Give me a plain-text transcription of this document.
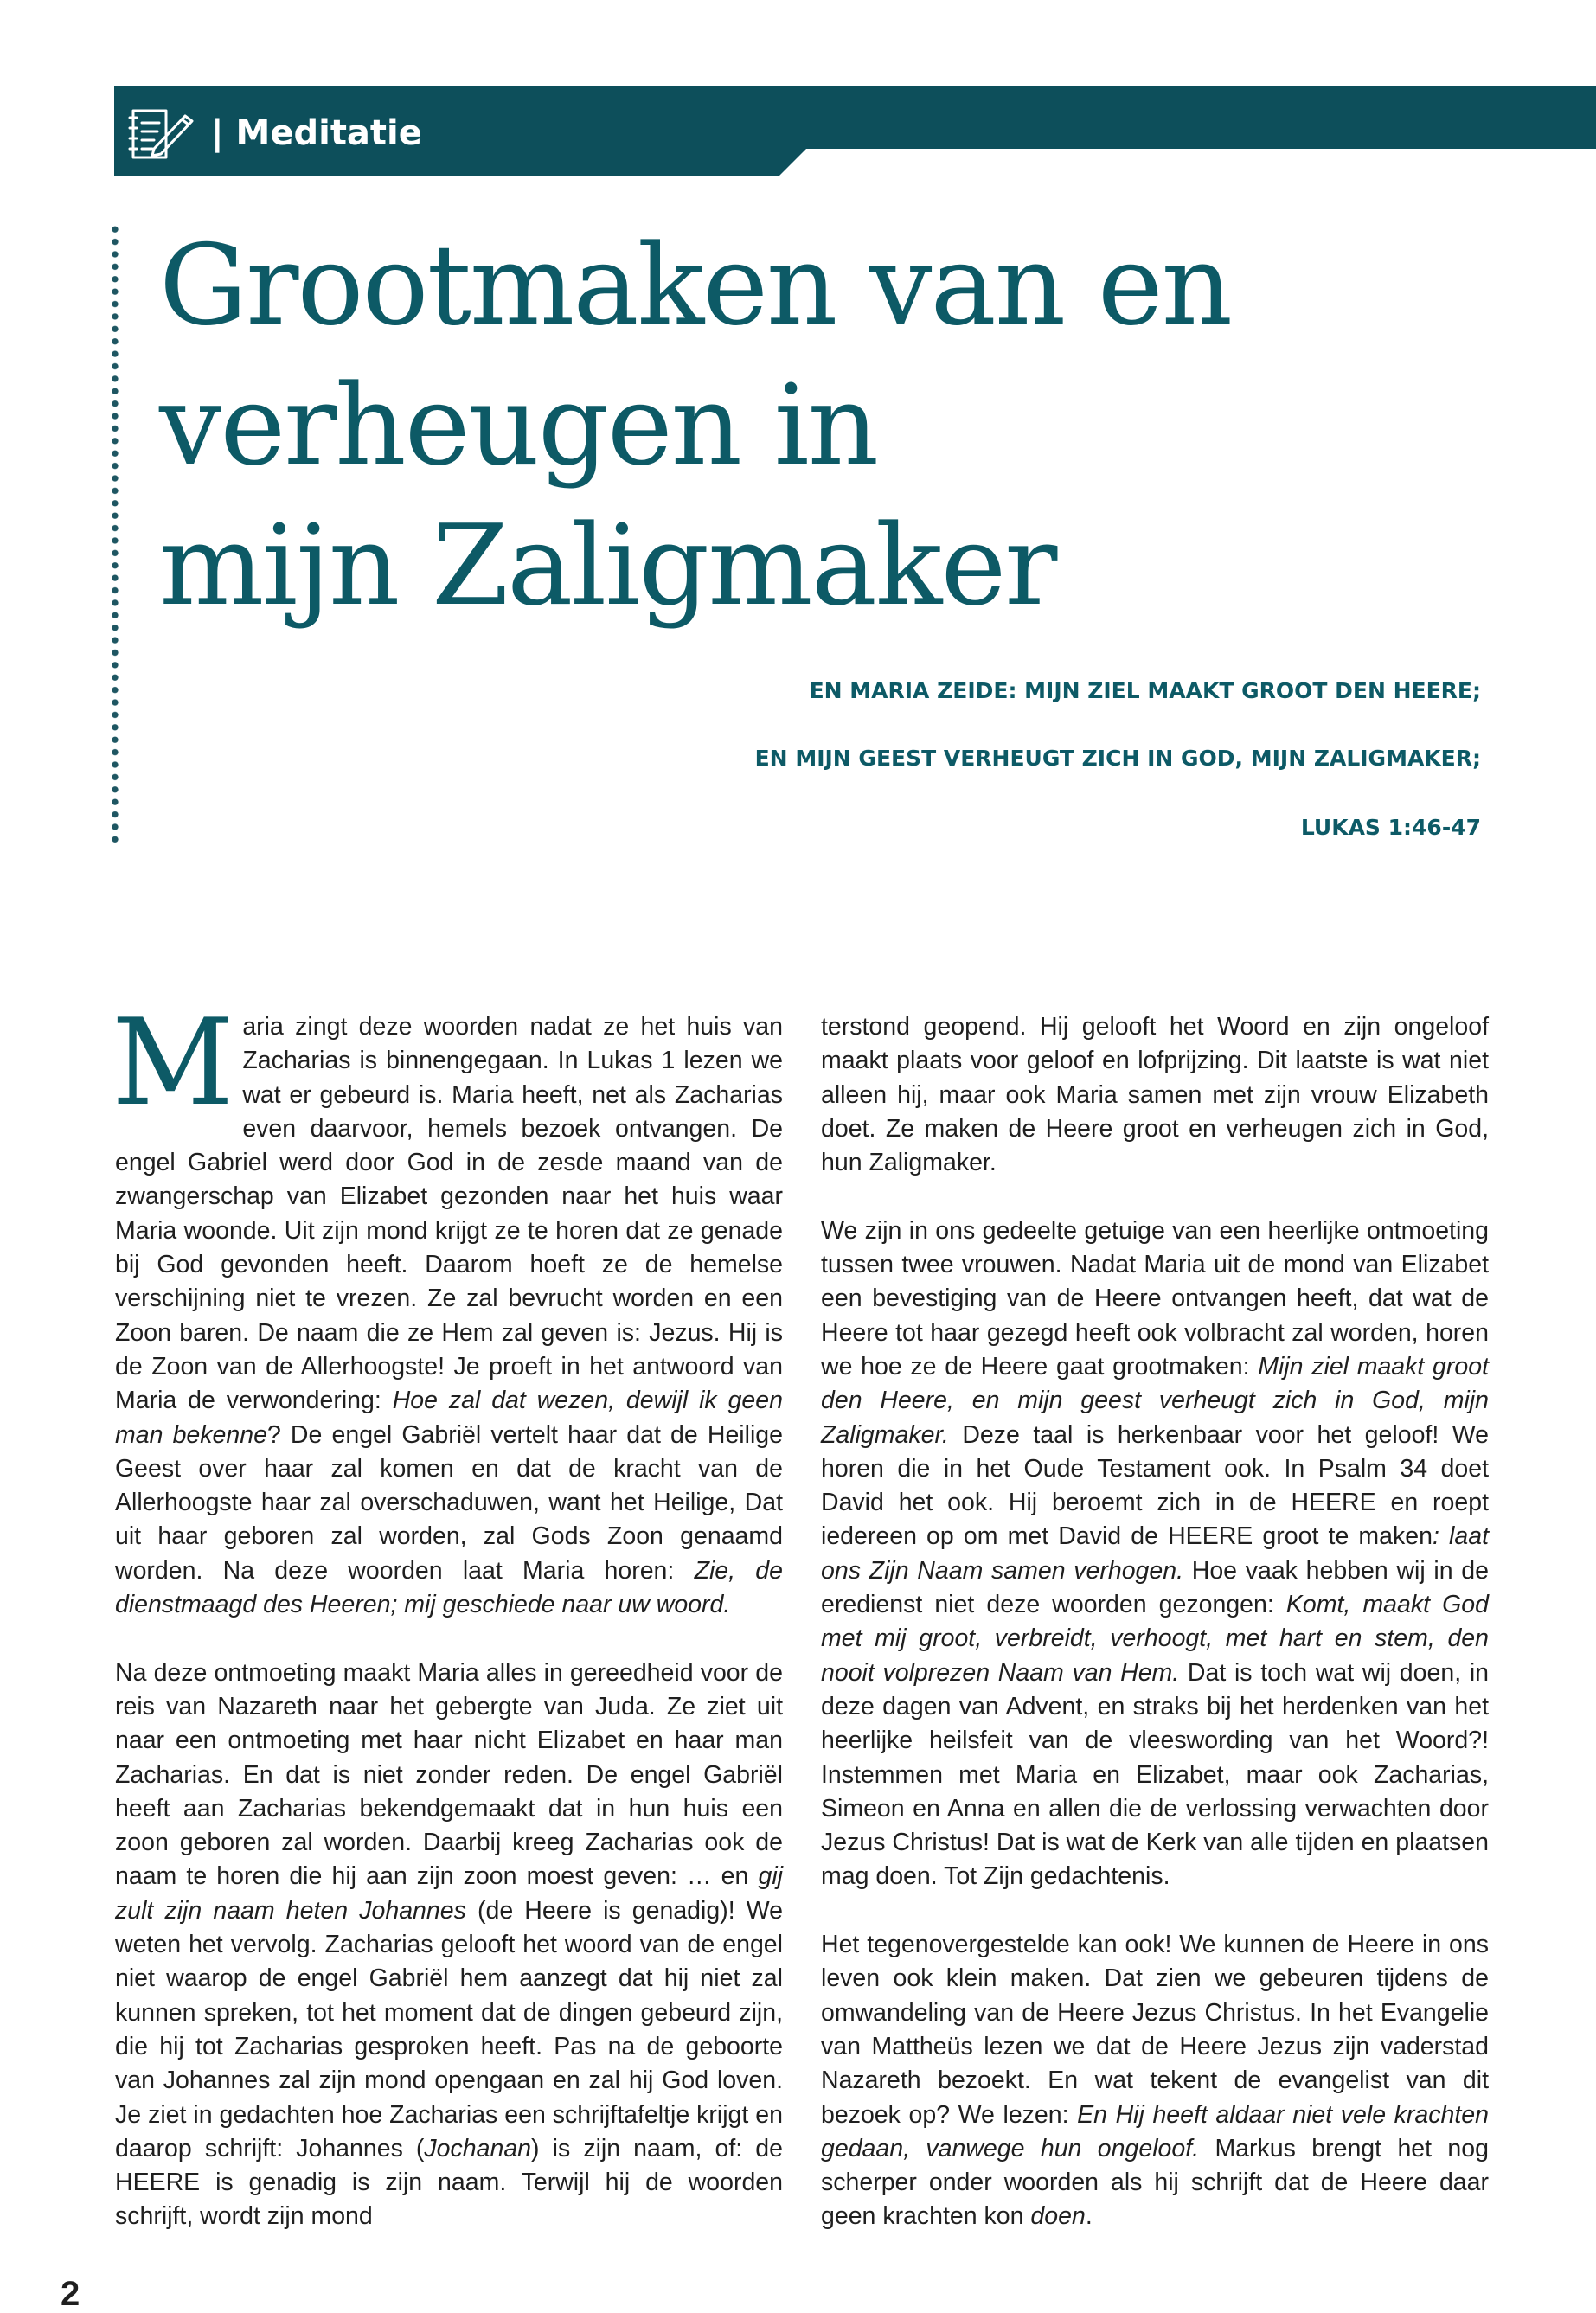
| Meditatie
Grootmaken van en
verheugen in
mijn Zaligmaker

EN MARIA ZEIDE: MIJN ZIEL MAAKT GROOT DEN HEERE;

EN MIJN GEEST VERHEUGT ZICH IN GOD, MIJN ZALIGMAKER;

LUKAS 1:46-47

Maria zingt deze woorden nadat ze het huis van Zacharias is binnengegaan. In Lukas 1 lezen we wat er gebeurd is. Maria heeft, net als Zacharias even daarvoor, hemels bezoek ontvangen. De engel Gabriel werd door God in de zesde maand van de zwangerschap van Elizabet gezonden naar het huis waar Maria woonde. Uit zijn mond krijgt ze te horen dat ze genade bij God gevonden heeft. Daarom hoeft ze de hemelse verschijning niet te vrezen. Ze zal bevrucht worden en een Zoon baren. De naam die ze Hem zal geven is: Jezus. Hij is de Zoon van de Allerhoogste! Je proeft in het antwoord van Maria de verwondering: Hoe zal dat wezen, dewijl ik geen man bekenne? De engel Gabriël vertelt haar dat de Heilige Geest over haar zal komen en dat de kracht van de Allerhoogste haar zal overschaduwen, want het Heilige, Dat uit haar geboren zal worden, zal Gods Zoon genaamd worden. Na deze woorden laat Maria horen: Zie, de dienstmaagd des Heeren; mij geschiede naar uw woord.

Na deze ontmoeting maakt Maria alles in gereedheid voor de reis van Nazareth naar het gebergte van Juda. Ze ziet uit naar een ontmoeting met haar nicht Elizabet en haar man Zacharias. En dat is niet zonder reden. De engel Gabriël heeft aan Zacharias bekendgemaakt dat in hun huis een zoon geboren zal worden. Daarbij kreeg Zacharias ook de naam te horen die hij aan zijn zoon moest geven: … en gij zult zijn naam heten Johannes (de Heere is genadig)! We weten het vervolg. Zacharias gelooft het woord van de engel niet waarop de engel Gabriël hem aanzegt dat hij niet zal kunnen spreken, tot het moment dat de dingen gebeurd zijn, die hij tot Zacharias gesproken heeft. Pas na de geboorte van Johannes zal zijn mond opengaan en zal hij God loven. Je ziet in gedachten hoe Zacharias een schrijftafeltje krijgt en daarop schrijft: Johannes (Jochanan) is zijn naam, of: de HEERE is genadig is zijn naam. Terwijl hij de woorden schrijft, wordt zijn mond

terstond geopend. Hij gelooft het Woord en zijn ongeloof maakt plaats voor geloof en lofprijzing. Dit laatste is wat niet alleen hij, maar ook Maria samen met zijn vrouw Elizabeth doet. Ze maken de Heere groot en verheugen zich in God, hun Zaligmaker.

We zijn in ons gedeelte getuige van een heerlijke ontmoeting tussen twee vrouwen. Nadat Maria uit de mond van Elizabet een bevestiging van de Heere ontvangen heeft, dat wat de Heere tot haar gezegd heeft ook volbracht zal worden, horen we hoe ze de Heere gaat grootmaken: Mijn ziel maakt groot den Heere, en mijn geest verheugt zich in God, mijn Zaligmaker. Deze taal is herkenbaar voor het geloof! We horen die in het Oude Testament ook. In Psalm 34 doet David het ook. Hij beroemt zich in de HEERE en roept iedereen op om met David de HEERE groot te maken: laat ons Zijn Naam samen verhogen. Hoe vaak hebben wij in de eredienst niet deze woorden gezongen: Komt, maakt God met mij groot, verbreidt, verhoogt, met hart en stem, den nooit volprezen Naam van Hem. Dat is toch wat wij doen, in deze dagen van Advent, en straks bij het herdenken van het heerlijke heilsfeit van de vleeswording van het Woord?! Instemmen met Maria en Elizabet, maar ook Zacharias, Simeon en Anna en allen die de verlossing verwachten door Jezus Christus! Dat is wat de Kerk van alle tijden en plaatsen mag doen. Tot Zijn gedachtenis.

Het tegenovergestelde kan ook! We kunnen de Heere in ons leven ook klein maken. Dat zien we gebeuren tijdens de omwandeling van de Heere Jezus Christus. In het Evangelie van Mattheüs lezen we dat de Heere Jezus zijn vaderstad Nazareth bezoekt. En wat tekent de evangelist van dit bezoek op? We lezen: En Hij heeft aldaar niet vele krachten gedaan, vanwege hun ongeloof. Markus brengt het nog scherper onder woorden als hij schrijft dat de Heere daar geen krachten kon doen.

2
